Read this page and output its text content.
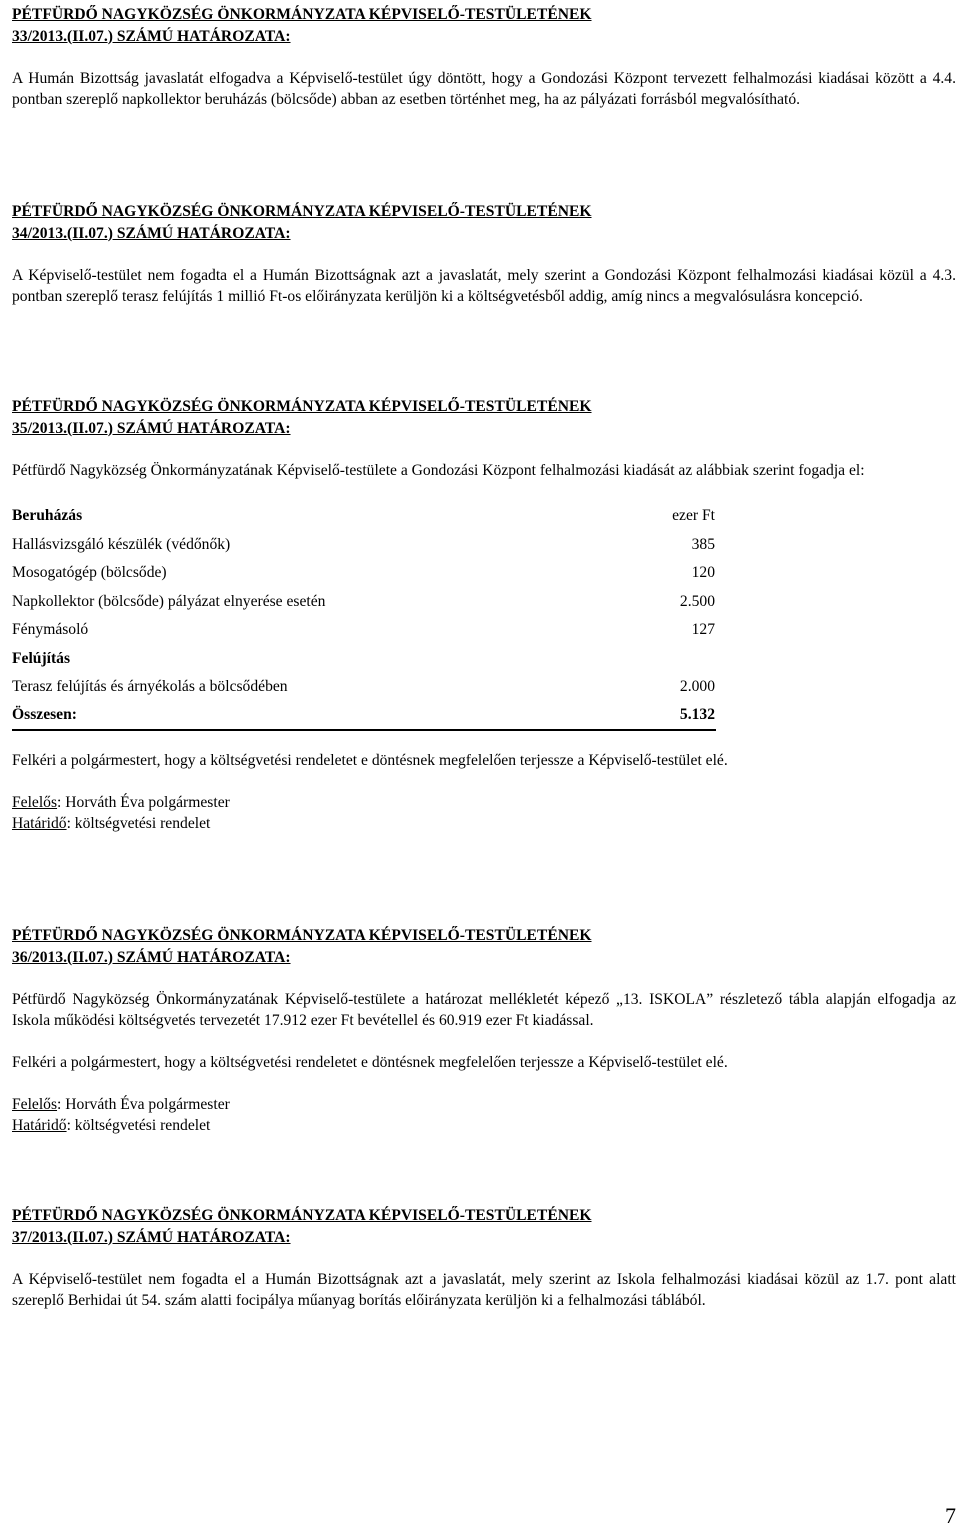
PÉTFÜRDŐ NAGYKÖZSÉG ÖNKORMÁNYZATA KÉPVISELŐ-TESTÜLETÉNEK

33/2013.(II.07.) SZÁMÚ HATÁROZATA:

A Humán Bizottság javaslatát elfogadva a Képviselő-testület úgy döntött, hogy a Gondozási Központ tervezett felhalmozási kiadásai között a 4.4. pontban szereplő napkollektor beruházás (bölcsőde) abban az esetben történhet meg, ha az pályázati forrásból megvalósítható.

PÉTFÜRDŐ NAGYKÖZSÉG ÖNKORMÁNYZATA KÉPVISELŐ-TESTÜLETÉNEK

34/2013.(II.07.) SZÁMÚ HATÁROZATA:

A Képviselő-testület nem fogadta el a Humán Bizottságnak azt a javaslatát, mely szerint a Gondozási Központ felhalmozási kiadásai közül a 4.3. pontban szereplő terasz felújítás 1 millió Ft-os előirányzata kerüljön ki a költségvetésből addig, amíg nincs a megvalósulásra koncepció.

PÉTFÜRDŐ NAGYKÖZSÉG ÖNKORMÁNYZATA KÉPVISELŐ-TESTÜLETÉNEK

35/2013.(II.07.) SZÁMÚ HATÁROZATA:

Pétfürdő Nagyközség Önkormányzatának Képviselő-testülete a Gondozási Központ felhalmozási kiadását az alábbiak szerint fogadja el:

Beruházás	ezer Ft
Hallásvizsgáló készülék (védőnők)	385
Mosogatógép (bölcsőde)	120
Napkollektor (bölcsőde) pályázat elnyerése esetén	2.500
Fénymásoló	127
Felújítás	
Terasz felújítás és árnyékolás a bölcsődében	2.000
Összesen:	5.132

Felkéri a polgármestert, hogy a költségvetési rendeletet e döntésnek megfelelően terjessze a Képviselő-testület elé.

Felelős: Horváth Éva polgármester

Határidő: költségvetési rendelet

PÉTFÜRDŐ NAGYKÖZSÉG ÖNKORMÁNYZATA KÉPVISELŐ-TESTÜLETÉNEK

36/2013.(II.07.) SZÁMÚ HATÁROZATA:

Pétfürdő Nagyközség Önkormányzatának Képviselő-testülete a határozat mellékletét képező „13. ISKOLA” részletező tábla alapján elfogadja az Iskola működési költségvetés tervezetét 17.912 ezer Ft bevétellel és 60.919 ezer Ft kiadással.

Felkéri a polgármestert, hogy a költségvetési rendeletet e döntésnek megfelelően terjessze a Képviselő-testület elé.

Felelős: Horváth Éva polgármester

Határidő: költségvetési rendelet

PÉTFÜRDŐ NAGYKÖZSÉG ÖNKORMÁNYZATA KÉPVISELŐ-TESTÜLETÉNEK

37/2013.(II.07.) SZÁMÚ HATÁROZATA:

A Képviselő-testület nem fogadta el a Humán Bizottságnak azt a javaslatát, mely szerint az Iskola felhalmozási kiadásai közül az 1.7. pont alatt szereplő Berhidai út 54. szám alatti focipálya műanyag borítás előirányzata kerüljön ki a felhalmozási táblából.

7
